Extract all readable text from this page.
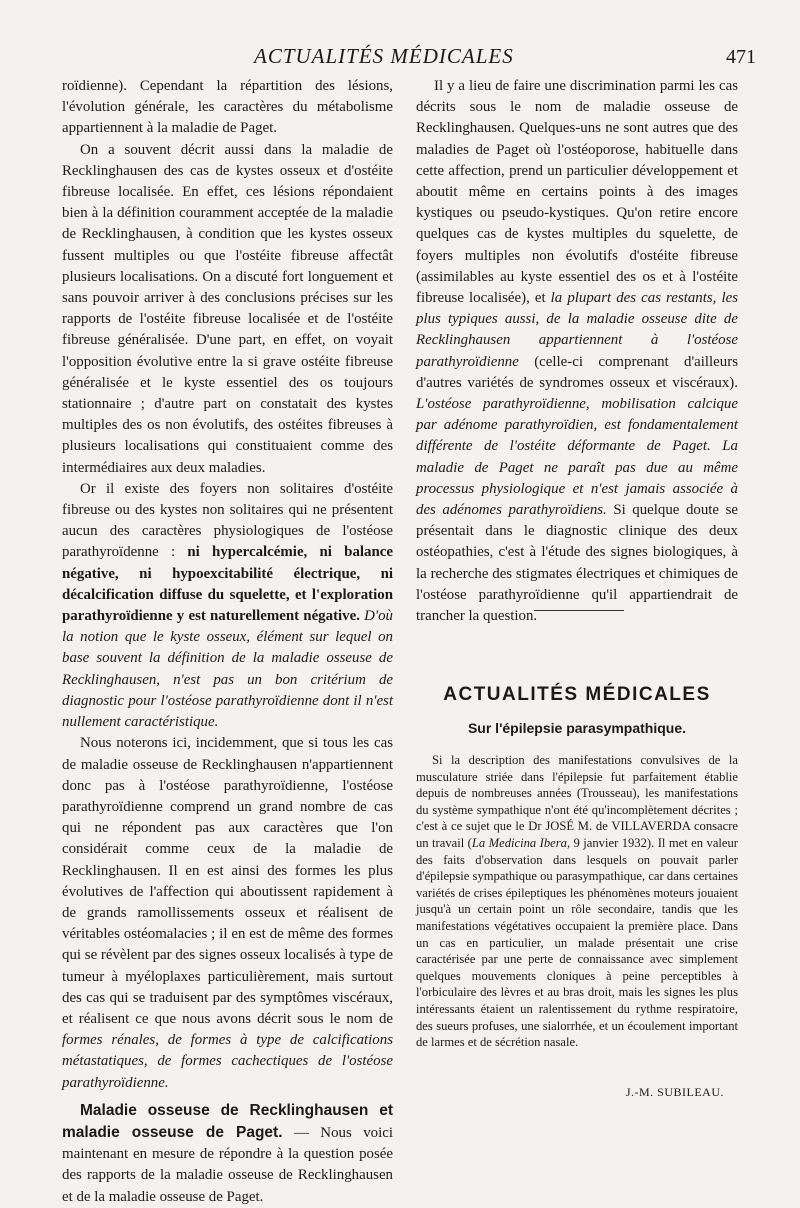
ACTUALITÉS MÉDICALES	471

roïdienne). Cependant la répartition des lésions, l'évolution générale, les caractères du métabolisme appartiennent à la maladie de Paget.

On a souvent décrit aussi dans la maladie de Recklinghausen des cas de kystes osseux et d'ostéite fibreuse localisée. En effet, ces lésions répondaient bien à la définition couramment acceptée de la maladie de Recklinghausen, à condition que les kystes osseux fussent multiples ou que l'ostéite fibreuse affectât plusieurs localisations. On a discuté fort longuement et sans pouvoir arriver à des conclusions précises sur les rapports de l'ostéite fibreuse localisée et de l'ostéite fibreuse généralisée. D'une part, en effet, on voyait l'opposition évolutive entre la si grave ostéite fibreuse généralisée et le kyste essentiel des os toujours stationnaire ; d'autre part on constatait des kystes multiples des os non évolutifs, des ostéites fibreuses à plusieurs localisations qui constituaient comme des intermédiaires aux deux maladies.

Or il existe des foyers non solitaires d'ostéite fibreuse ou des kystes non solitaires qui ne présentent aucun des caractères physiologiques de l'ostéose parathyroïdenne : ni hypercalcémie, ni balance négative, ni hypoexcitabilité électrique, ni décalcification diffuse du squelette, et l'exploration parathyroïdienne y est naturellement négative. D'où la notion que le kyste osseux, élément sur lequel on base souvent la définition de la maladie osseuse de Recklinghausen, n'est pas un bon critérium de diagnostic pour l'ostéose parathyroïdienne dont il n'est nullement caractéristique.

Nous noterons ici, incidemment, que si tous les cas de maladie osseuse de Recklinghausen n'appartiennent donc pas à l'ostéose parathyroïdienne, l'ostéose parathyroïdienne comprend un grand nombre de cas qui ne répondent pas aux caractères que l'on considérait comme ceux de la maladie de Recklinghausen. Il en est ainsi des formes les plus évolutives de l'affection qui aboutissent rapidement à de grands ramollissements osseux et réalisent de véritables ostéomalacies ; il en est de même des formes qui se révèlent par des signes osseux localisés à type de tumeur à myéloplaxes particulièrement, mais surtout des cas qui se traduisent par des symptômes viscéraux, et réalisent ce que nous avons décrit sous le nom de formes rénales, de formes à type de calcifications métastatiques, de formes cachectiques de l'ostéose parathyroïdienne.

Maladie osseuse de Recklinghausen et maladie osseuse de Paget. — Nous voici maintenant en mesure de répondre à la question posée des rapports de la maladie osseuse de Recklinghausen et de la maladie osseuse de Paget.

Il y a lieu de faire une discrimination parmi les cas décrits sous le nom de maladie osseuse de Recklinghausen. Quelques-uns ne sont autres que des maladies de Paget où l'ostéoporose, habituelle dans cette affection, prend un particulier développement et aboutit même en certains points à des images kystiques ou pseudo-kystiques. Qu'on retire encore quelques cas de kystes multiples du squelette, de foyers multiples non évolutifs d'ostéite fibreuse (assimilables au kyste essentiel des os et à l'ostéite fibreuse localisée), et la plupart des cas restants, les plus typiques aussi, de la maladie osseuse dite de Recklinghausen appartiennent à l'ostéose parathyroïdienne (celle-ci comprenant d'ailleurs d'autres variétés de syndromes osseux et viscéraux). L'ostéose parathyroïdienne, mobilisation calcique par adénome parathyroïdien, est fondamentalement différente de l'ostéite déformante de Paget. La maladie de Paget ne paraît pas due au même processus physiologique et n'est jamais associée à des adénomes parathyroïdiens. Si quelque doute se présentait dans le diagnostic clinique des deux ostéopathies, c'est à l'étude des signes biologiques, à la recherche des stigmates électriques et chimiques de l'ostéose parathyroïdienne qu'il appartiendrait de trancher la question.

ACTUALITÉS MÉDICALES
Sur l'épilepsie parasympathique.

Si la description des manifestations convulsives de la musculature striée dans l'épilepsie fut parfaitement établie depuis de nombreuses années (Trousseau), les manifestations du système sympathique n'ont été qu'incomplètement décrites ; c'est à ce sujet que le Dr JOSÉ M. de VILLAVERDA consacre un travail (La Medicina Ibera, 9 janvier 1932). Il met en valeur des faits d'observation dans lesquels on pouvait parler d'épilepsie sympathique ou parasympathique, car dans certaines variétés de crises épileptiques les phénomènes moteurs jouaient jusqu'à un certain point un rôle secondaire, tandis que les manifestations végétatives occupaient la première place. Dans un cas en particulier, un malade présentait une crise caractérisée par une perte de connaissance avec simplement quelques mouvements cloniques à peine perceptibles à l'orbiculaire des lèvres et au bras droit, mais les signes les plus intéressants étaient un ralentissement du rythme respiratoire, des sueurs profuses, une sialorrhée, et un écoulement important de larmes et de sécrétion nasale.

J.-M. SUBILEAU.
